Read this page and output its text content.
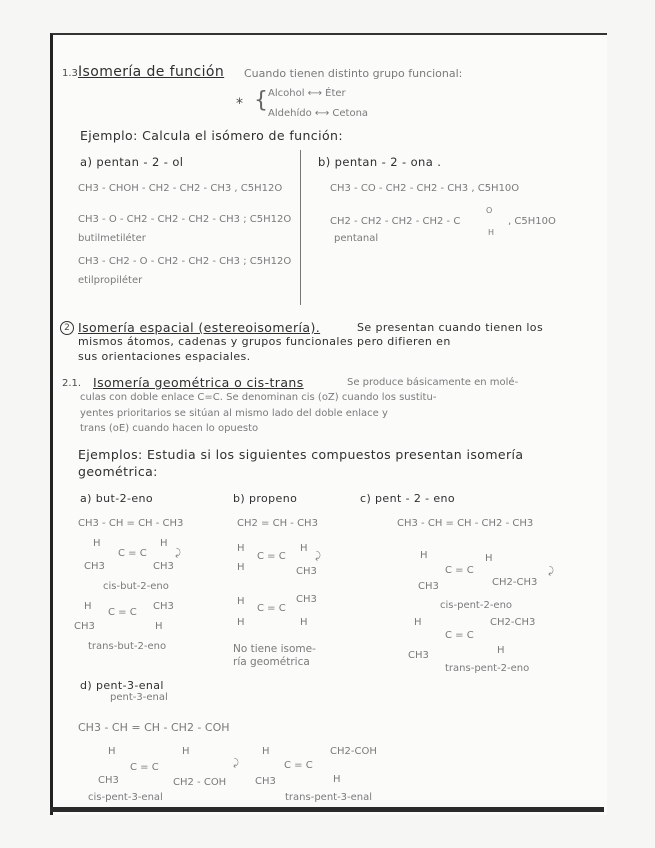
1.3 Isomería de función Cuando tienen distinto grupo funcional:
* { Alcohol ⟷ Éter
Aldehído ⟷ Cetona
Ejemplo: Calcula el isómero de función:
a) pentan - 2 - ol
CH3 - CHOH - CH2 - CH2 - CH3 , C5H12O
CH3 - O - CH2 - CH2 - CH2 - CH3 ; C5H12O
butilmetiléter
CH3 - CH2 - O - CH2 - CH2 - CH3 ; C5H12O
etilpropiléter
b) pentan - 2 - ona .
CH3 - CO - CH2 - CH2 - CH3 , C5H10O
CH2 - CH2 - CH2 - CH2 - C
O
H
, C5H10O
pentanal
2 Isomería espacial (estereoisomería).	Se presentan cuando tienen los
mismos átomos, cadenas y grupos funcionales pero difieren en
sus orientaciones espaciales.
2.1. Isomería geométrica o cis-trans	Se produce básicamente en molé-
culas con doble enlace C=C. Se denominan cis (oZ) cuando los sustitu-
yentes prioritarios se sitúan al mismo lado del doble enlace y
trans (oE) cuando hacen lo opuesto
Ejemplos: Estudia si los siguientes compuestos presentan isomería
geométrica:
a) but-2-eno	b) propeno	c) pent - 2 - eno
CH3 - CH = CH - CH3	CH2 = CH - CH3	CH3 - CH = CH - CH2 - CH3
H
C = C
H
CH3	CH3
⤸
cis-but-2-eno
H
C = C
CH3
CH3	H
trans-but-2-eno
H
C = C
H
H	CH3
⤸
H
C = C
CH3
H	H
No tiene isome-
ría geométrica
H
C = C
H
CH3	CH2-CH3
⤸
cis-pent-2-eno
H
C = C
CH2-CH3
CH3	H
trans-pent-2-eno
d) pent-3-enal
pent-3-enal
CH3 - CH = CH - CH2 - COH
H
C = C
H
CH3	CH2 - COH
⤸
cis-pent-3-enal
H
C = C
CH2-COH
CH3	H
trans-pent-3-enal
